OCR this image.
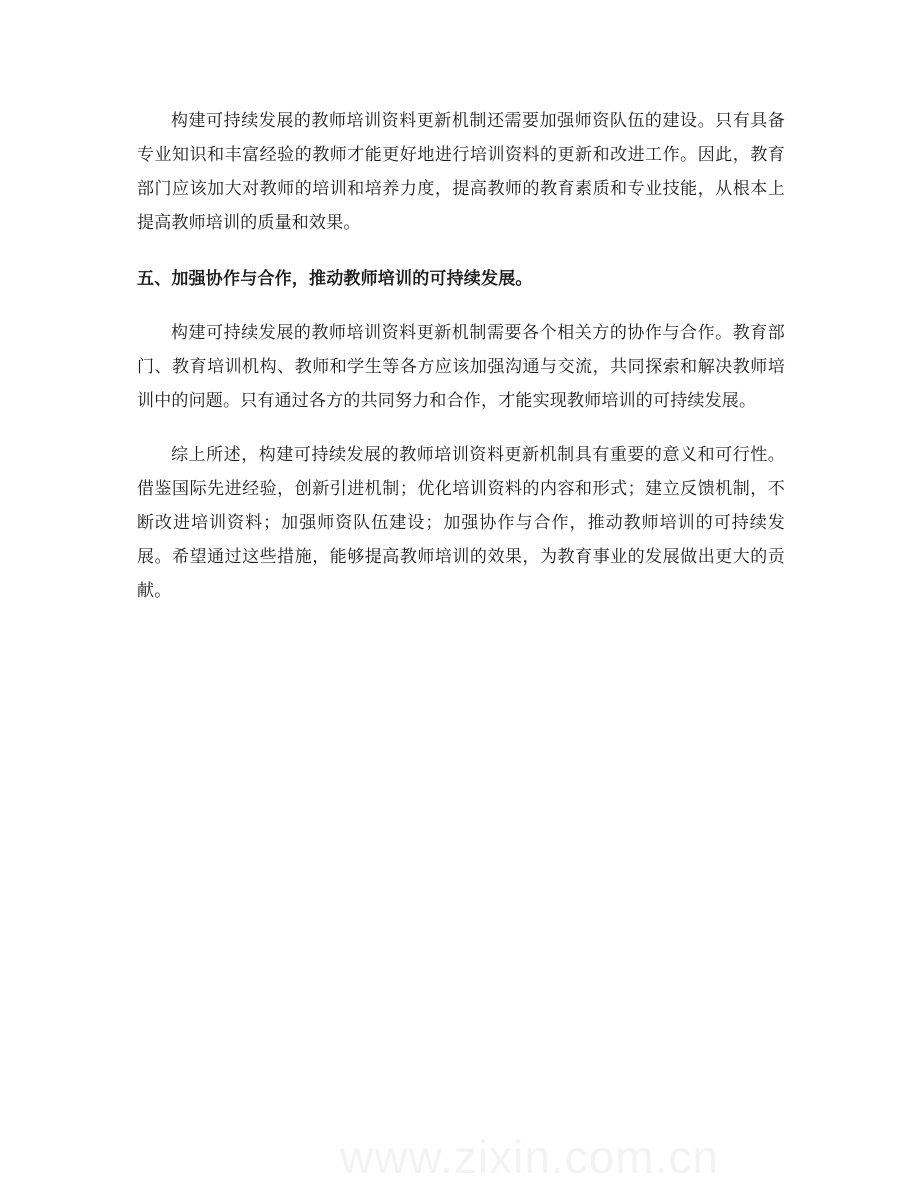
构建可持续发展的教师培训资料更新机制还需要加强师资队伍的建设。只有具备专业知识和丰富经验的教师才能更好地进行培训资料的更新和改进工作。因此，教育部门应该加大对教师的培训和培养力度，提高教师的教育素质和专业技能，从根本上提高教师培训的质量和效果。

五、加强协作与合作，推动教师培训的可持续发展。

构建可持续发展的教师培训资料更新机制需要各个相关方的协作与合作。教育部门、教育培训机构、教师和学生等各方应该加强沟通与交流，共同探索和解决教师培训中的问题。只有通过各方的共同努力和合作，才能实现教师培训的可持续发展。

综上所述，构建可持续发展的教师培训资料更新机制具有重要的意义和可行性。借鉴国际先进经验，创新引进机制；优化培训资料的内容和形式；建立反馈机制，不断改进培训资料；加强师资队伍建设；加强协作与合作，推动教师培训的可持续发展。希望通过这些措施，能够提高教师培训的效果，为教育事业的发展做出更大的贡献。

www.zixin.com.cn
